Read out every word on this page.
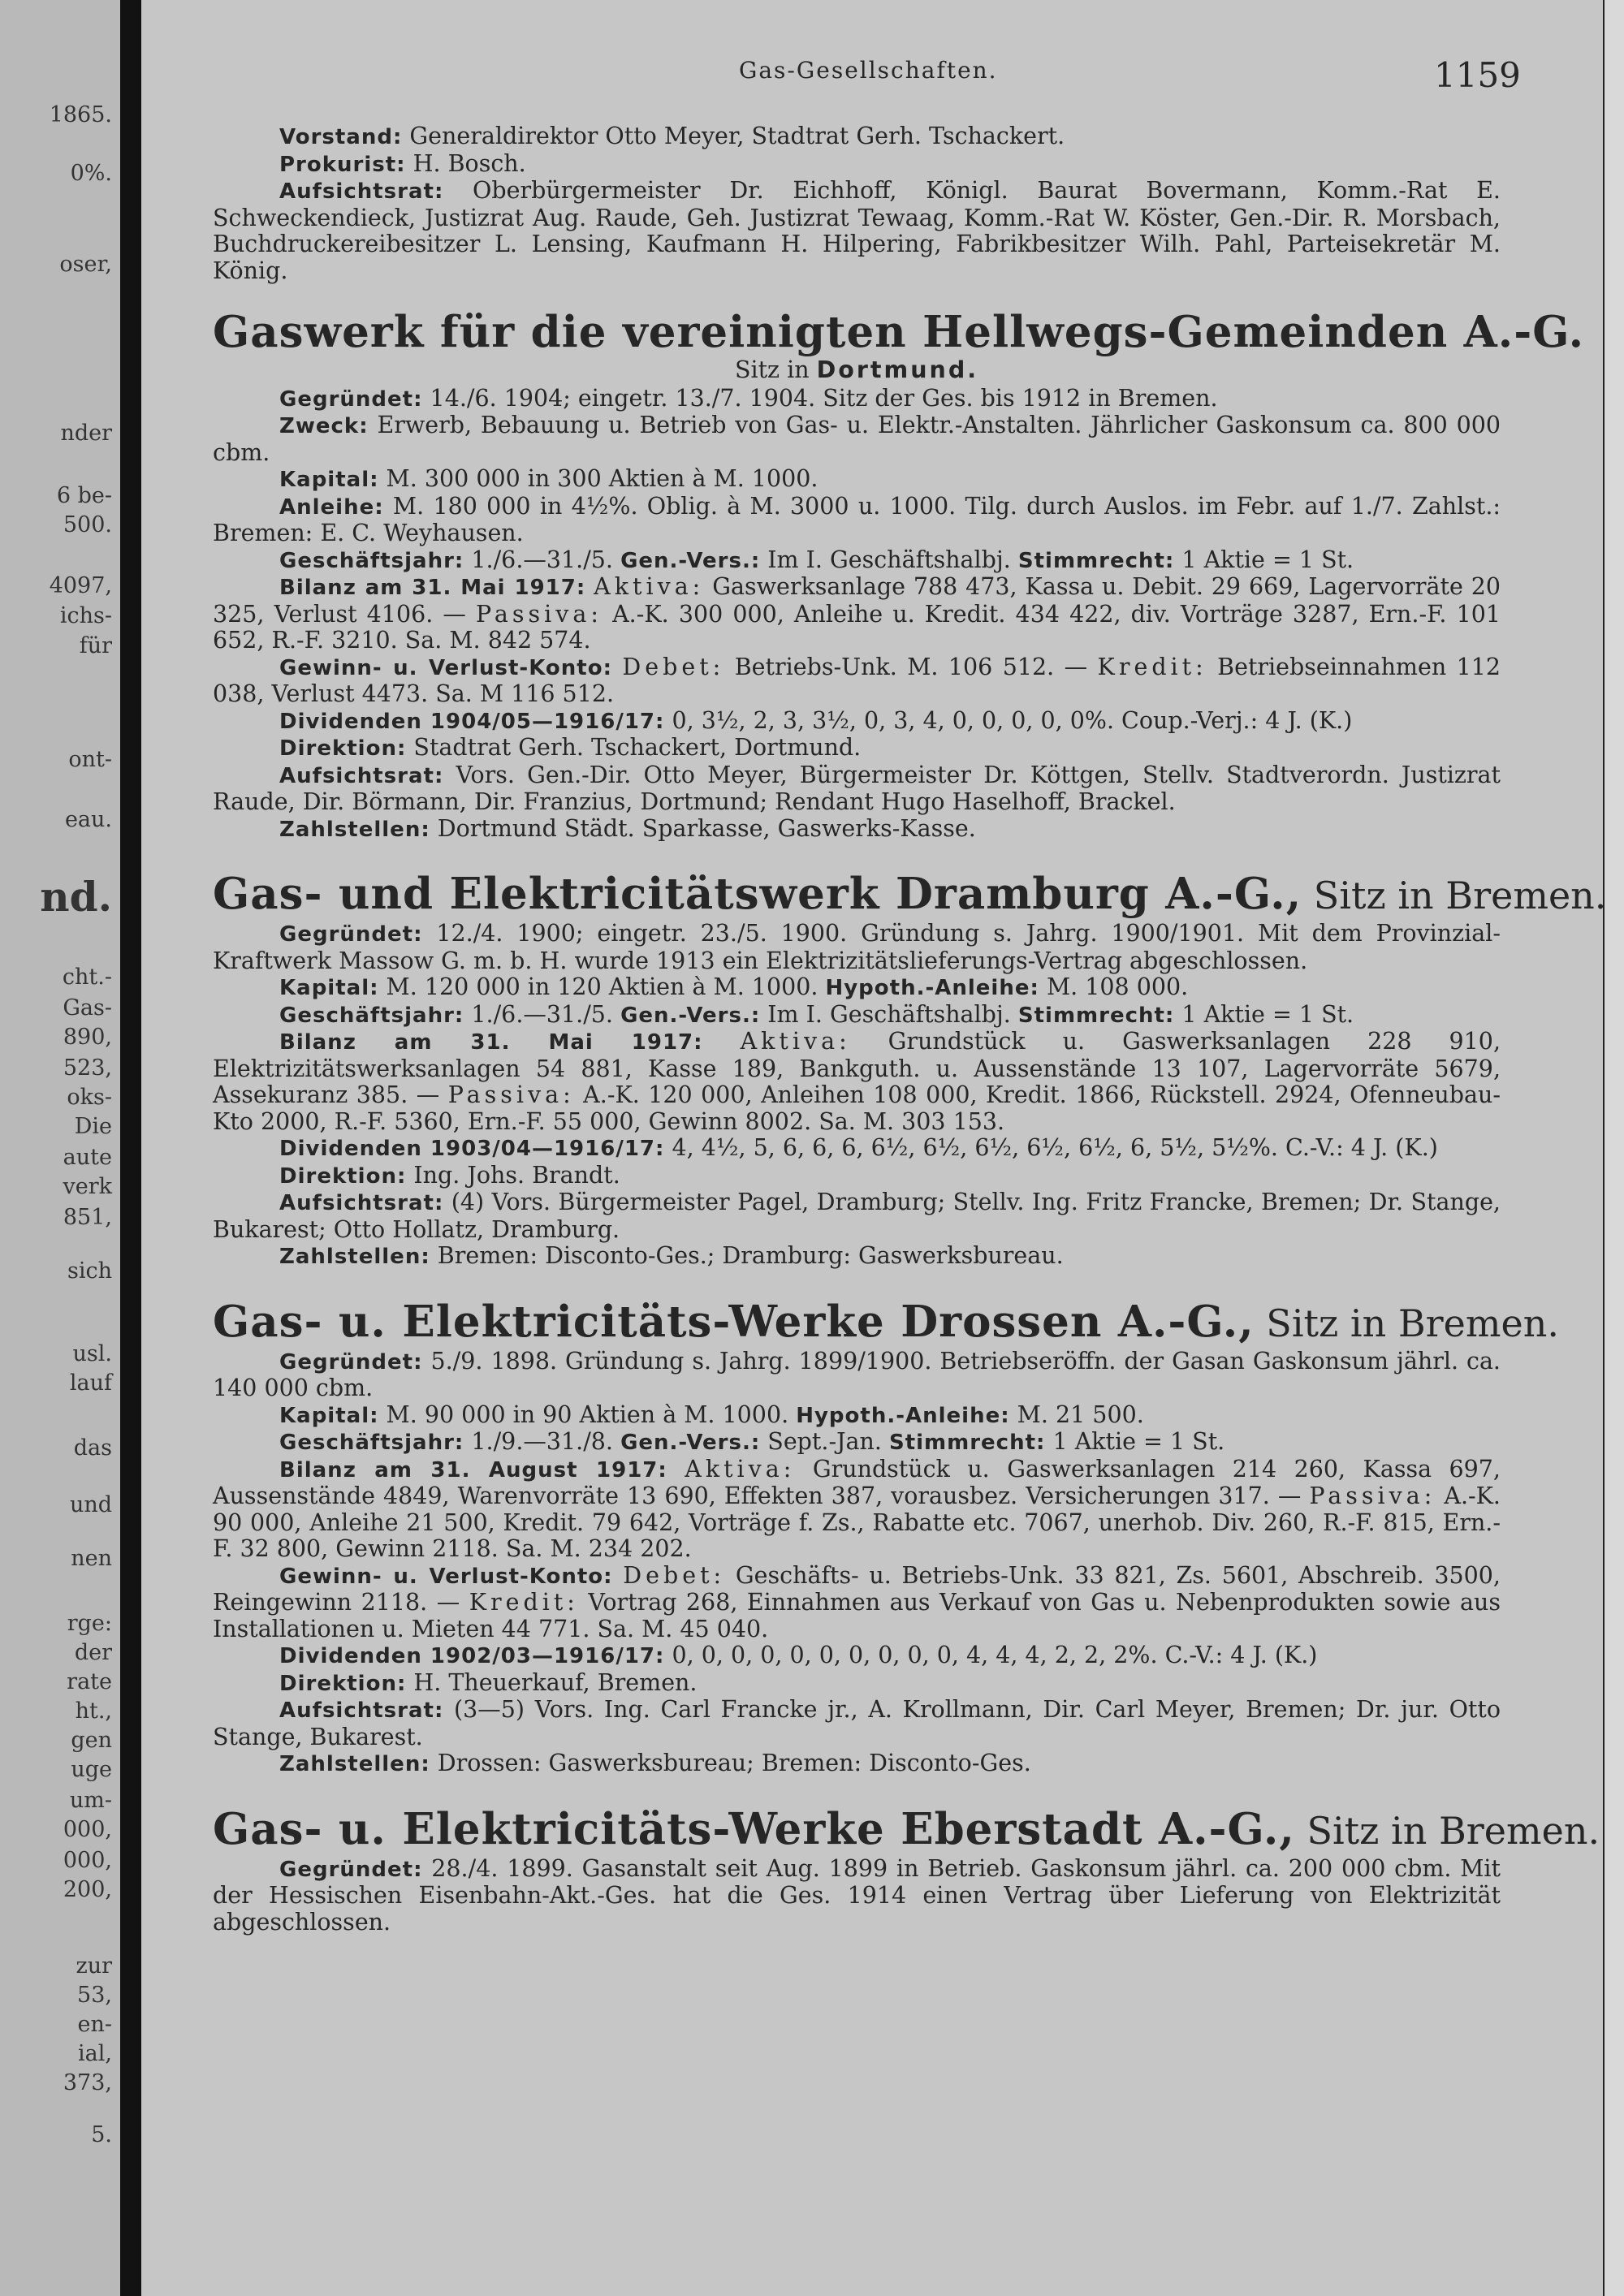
Gas-Gesellschaften.	1159

Vorstand: Generaldirektor Otto Meyer, Stadtrat Gerh. Tschackert.

Prokurist: H. Bosch.

Aufsichtsrat: Oberbürgermeister Dr. Eichhoff, Königl. Baurat Bovermann, Komm.-Rat E. Schweckendieck, Justizrat Aug. Raude, Geh. Justizrat Tewaag, Komm.-Rat W. Köster, Gen.-Dir. R. Morsbach, Buchdruckereibesitzer L. Lensing, Kaufmann H. Hilpering, Fabrikbesitzer Wilh. Pahl, Parteisekretär M. König.

Gaswerk für die vereinigten Hellwegs-Gemeinden A.-G.
Sitz in Dortmund.

Gegründet: 14./6. 1904; eingetr. 13./7. 1904. Sitz der Ges. bis 1912 in Bremen.

Zweck: Erwerb, Bebauung u. Betrieb von Gas- u. Elektr.-Anstalten. Jährlicher Gaskonsum ca. 800 000 cbm.

Kapital: M. 300 000 in 300 Aktien à M. 1000.

Anleihe: M. 180 000 in 4½%. Oblig. à M. 3000 u. 1000. Tilg. durch Auslos. im Febr. auf 1./7. Zahlst.: Bremen: E. C. Weyhausen.

Geschäftsjahr: 1./6.—31./5. Gen.-Vers.: Im I. Geschäftshalbj. Stimmrecht: 1 Aktie = 1 St.

Bilanz am 31. Mai 1917: Aktiva: Gaswerksanlage 788 473, Kassa u. Debit. 29 669, Lagervorräte 20 325, Verlust 4106. — Passiva: A.-K. 300 000, Anleihe u. Kredit. 434 422, div. Vorträge 3287, Ern.-F. 101 652, R.-F. 3210. Sa. M. 842 574.

Gewinn- u. Verlust-Konto: Debet: Betriebs-Unk. M. 106 512. — Kredit: Betriebseinnahmen 112 038, Verlust 4473. Sa. M 116 512.

Dividenden 1904/05—1916/17: 0, 3½, 2, 3, 3½, 0, 3, 4, 0, 0, 0, 0, 0%. Coup.-Verj.: 4 J. (K.)

Direktion: Stadtrat Gerh. Tschackert, Dortmund.

Aufsichtsrat: Vors. Gen.-Dir. Otto Meyer, Bürgermeister Dr. Köttgen, Stellv. Stadtverordn. Justizrat Raude, Dir. Börmann, Dir. Franzius, Dortmund; Rendant Hugo Haselhoff, Brackel.

Zahlstellen: Dortmund Städt. Sparkasse, Gaswerks-Kasse.

Gas- und Elektricitätswerk Dramburg A.-G., Sitz in Bremen.

Gegründet: 12./4. 1900; eingetr. 23./5. 1900. Gründung s. Jahrg. 1900/1901. Mit dem Provinzial-Kraftwerk Massow G. m. b. H. wurde 1913 ein Elektrizitätslieferungs-Vertrag abgeschlossen.

Kapital: M. 120 000 in 120 Aktien à M. 1000. Hypoth.-Anleihe: M. 108 000.

Geschäftsjahr: 1./6.—31./5. Gen.-Vers.: Im I. Geschäftshalbj. Stimmrecht: 1 Aktie = 1 St.

Bilanz am 31. Mai 1917: Aktiva: Grundstück u. Gaswerksanlagen 228 910, Elektrizitätswerksanlagen 54 881, Kasse 189, Bankguth. u. Aussenstände 13 107, Lagervorräte 5679, Assekuranz 385. — Passiva: A.-K. 120 000, Anleihen 108 000, Kredit. 1866, Rückstell. 2924, Ofenneubau-Kto 2000, R.-F. 5360, Ern.-F. 55 000, Gewinn 8002. Sa. M. 303 153.

Dividenden 1903/04—1916/17: 4, 4½, 5, 6, 6, 6, 6½, 6½, 6½, 6½, 6½, 6, 5½, 5½%. C.-V.: 4 J. (K.)

Direktion: Ing. Johs. Brandt.

Aufsichtsrat: (4) Vors. Bürgermeister Pagel, Dramburg; Stellv. Ing. Fritz Francke, Bremen; Dr. Stange, Bukarest; Otto Hollatz, Dramburg.

Zahlstellen: Bremen: Disconto-Ges.; Dramburg: Gaswerksbureau.

Gas- u. Elektricitäts-Werke Drossen A.-G., Sitz in Bremen.

Gegründet: 5./9. 1898. Gründung s. Jahrg. 1899/1900. Betriebseröffn. der Gasan Gaskonsum jährl. ca. 140 000 cbm.

Kapital: M. 90 000 in 90 Aktien à M. 1000. Hypoth.-Anleihe: M. 21 500.

Geschäftsjahr: 1./9.—31./8. Gen.-Vers.: Sept.-Jan. Stimmrecht: 1 Aktie = 1 St.

Bilanz am 31. August 1917: Aktiva: Grundstück u. Gaswerksanlagen 214 260, Kassa 697, Aussenstände 4849, Warenvorräte 13 690, Effekten 387, vorausbez. Versicherungen 317. — Passiva: A.-K. 90 000, Anleihe 21 500, Kredit. 79 642, Vorträge f. Zs., Rabatte etc. 7067, unerhob. Div. 260, R.-F. 815, Ern.-F. 32 800, Gewinn 2118. Sa. M. 234 202.

Gewinn- u. Verlust-Konto: Debet: Geschäfts- u. Betriebs-Unk. 33 821, Zs. 5601, Abschreib. 3500, Reingewinn 2118. — Kredit: Vortrag 268, Einnahmen aus Verkauf von Gas u. Nebenprodukten sowie aus Installationen u. Mieten 44 771. Sa. M. 45 040.

Dividenden 1902/03—1916/17: 0, 0, 0, 0, 0, 0, 0, 0, 0, 0, 4, 4, 4, 2, 2, 2%. C.-V.: 4 J. (K.)

Direktion: H. Theuerkauf, Bremen.

Aufsichtsrat: (3—5) Vors. Ing. Carl Francke jr., A. Krollmann, Dir. Carl Meyer, Bremen; Dr. jur. Otto Stange, Bukarest.

Zahlstellen: Drossen: Gaswerksbureau; Bremen: Disconto-Ges.

Gas- u. Elektricitäts-Werke Eberstadt A.-G., Sitz in Bremen.

Gegründet: 28./4. 1899. Gasanstalt seit Aug. 1899 in Betrieb. Gaskonsum jährl. ca. 200 000 cbm. Mit der Hessischen Eisenbahn-Akt.-Ges. hat die Ges. 1914 einen Vertrag über Lieferung von Elektrizität abgeschlossen.

1865.
0%.
oser,
nder
6 be-
500.
4097,
ichs-
für
ont-
eau.
nd.
cht.-
Gas-
890,
523,
oks-
Die
aute
verk
851,
sich
usl.
lauf
das
und
nen
rge:
der
rate
ht.,
gen
uge
um-
000,
000,
200,
zur
53,
en-
ial,
373,
5.
